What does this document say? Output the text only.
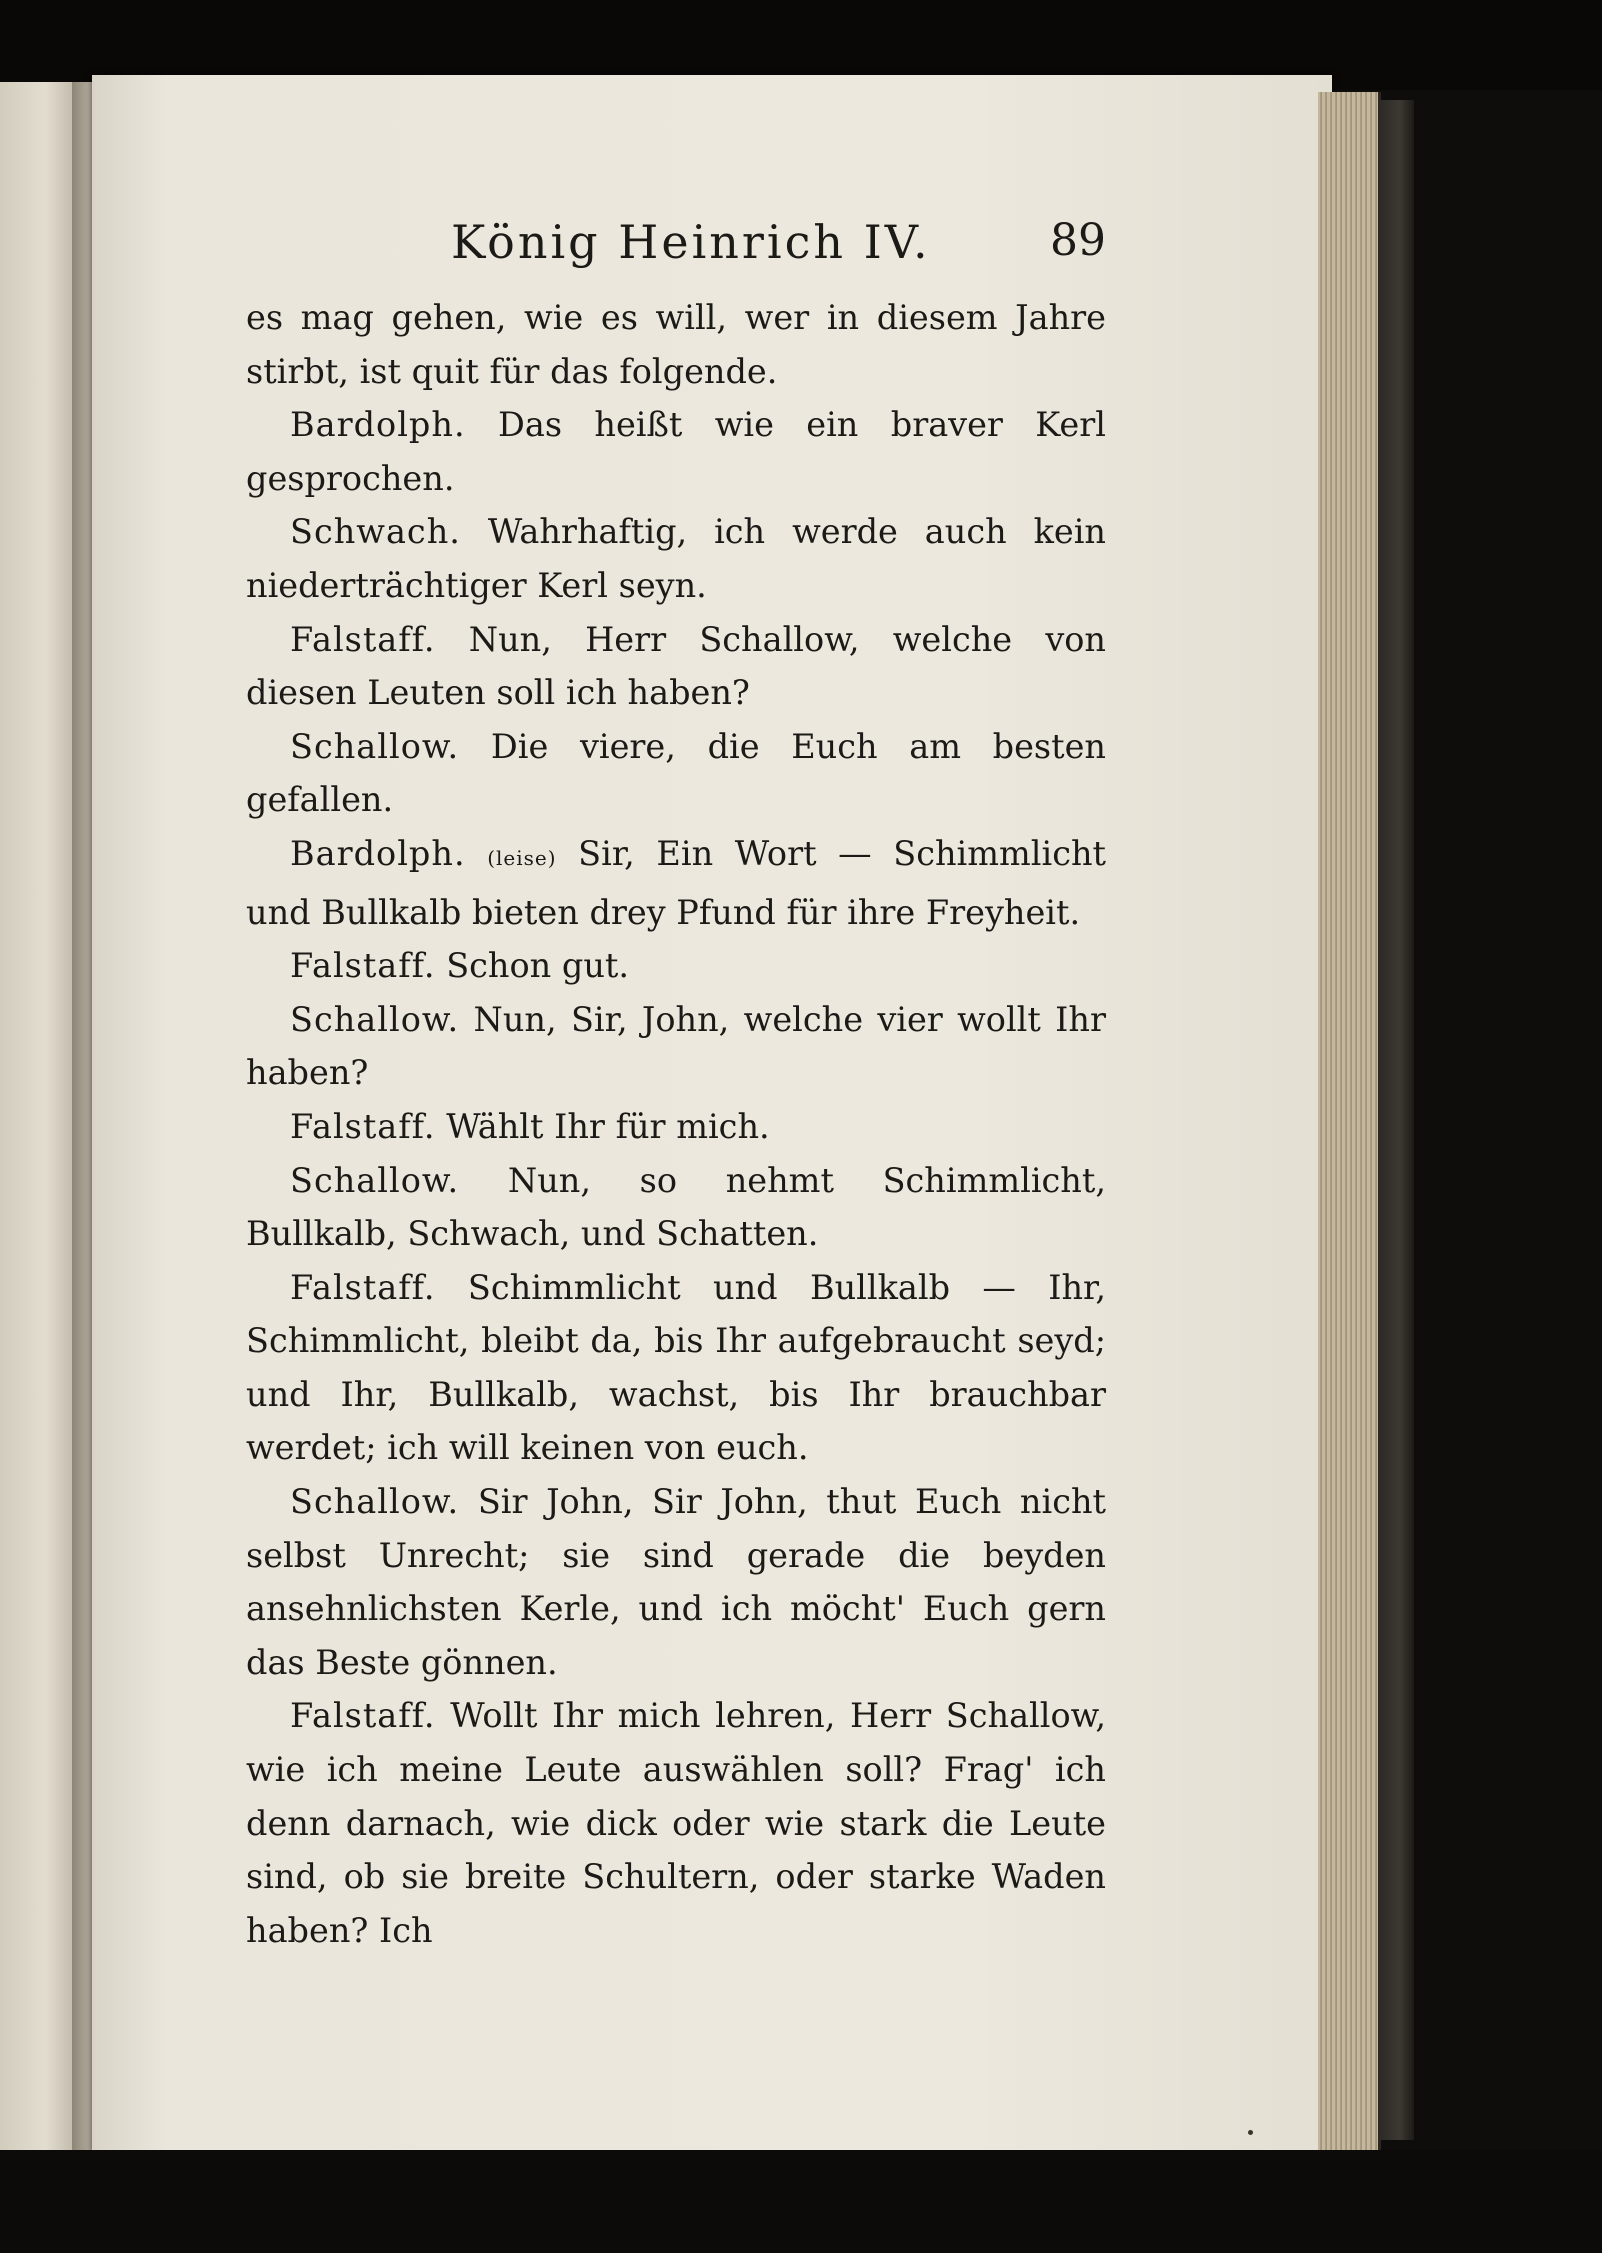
König Heinrich IV.	89

es mag gehen, wie es will, wer in diesem Jahre stirbt, ist quit für das folgende.

Bardolph. Das heißt wie ein braver Kerl gesprochen.

Schwach. Wahrhaftig, ich werde auch kein niederträchtiger Kerl seyn.

Falstaff. Nun, Herr Schallow, welche von diesen Leuten soll ich haben?

Schallow. Die viere, die Euch am besten gefallen.

Bardolph. (leise) Sir, Ein Wort — Schimmlicht und Bullkalb bieten drey Pfund für ihre Freyheit.

Falstaff. Schon gut.

Schallow. Nun, Sir, John, welche vier wollt Ihr haben?

Falstaff. Wählt Ihr für mich.

Schallow. Nun, so nehmt Schimmlicht, Bullkalb, Schwach, und Schatten.

Falstaff. Schimmlicht und Bullkalb — Ihr, Schimmlicht, bleibt da, bis Ihr aufgebraucht seyd; und Ihr, Bullkalb, wachst, bis Ihr brauchbar werdet; ich will keinen von euch.

Schallow. Sir John, Sir John, thut Euch nicht selbst Unrecht; sie sind gerade die beyden ansehnlichsten Kerle, und ich möcht' Euch gern das Beste gönnen.

Falstaff. Wollt Ihr mich lehren, Herr Schallow, wie ich meine Leute auswählen soll? Frag' ich denn darnach, wie dick oder wie stark die Leute sind, ob sie breite Schultern, oder starke Waden haben? Ich
